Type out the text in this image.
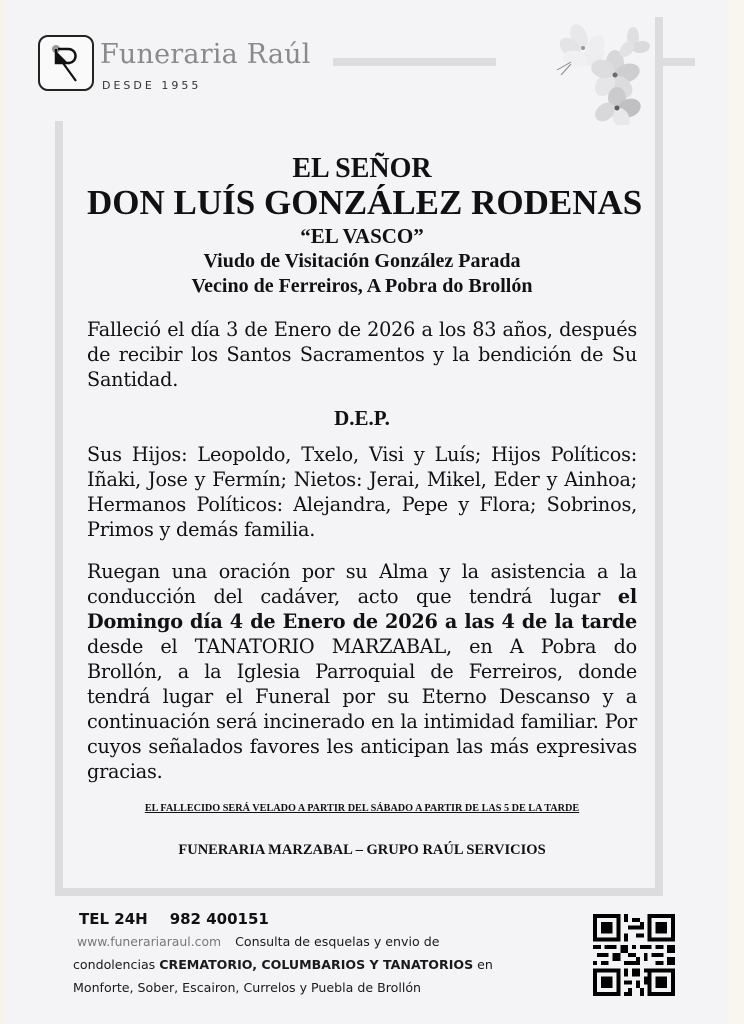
Funeraria Raúl
DESDE 1955
EL SEÑOR
DON LUÍS GONZÁLEZ RODENAS
“EL VASCO”
Viudo de Visitación González Parada
Vecino de Ferreiros, A Pobra do Brollón

Falleció el día 3 de Enero de 2026 a los 83 años, después de recibir los Santos Sacramentos y la bendición de Su Santidad.

D.E.P.

Sus Hijos: Leopoldo, Txelo, Visi y Luís; Hijos Políticos: Iñaki, Jose y Fermín; Nietos: Jerai, Mikel, Eder y Ainhoa; Hermanos Políticos: Alejandra, Pepe y Flora; Sobrinos, Primos y demás familia.

Ruegan una oración por su Alma y la asistencia a la conducción del cadáver, acto que tendrá lugar el Domingo día 4 de Enero de 2026 a las 4 de la tarde desde el TANATORIO MARZABAL, en A Pobra do Brollón, a la Iglesia Parroquial de Ferreiros, donde tendrá lugar el Funeral por su Eterno Descanso y a continuación será incinerado en la intimidad familiar. Por cuyos señalados favores les anticipan las más expresivas gracias.

EL FALLECIDO SERÁ VELADO A PARTIR DEL SÁBADO A PARTIR DE LAS 5 DE LA TARDE
FUNERARIA MARZABAL – GRUPO RAÚL SERVICIOS
TEL 24H 982 400151
www.funerariaraul.com Consulta de esquelas y envio de
condolencias CREMATORIO, COLUMBARIOS Y TANATORIOS en
Monforte, Sober, Escairon, Currelos y Puebla de Brollón
